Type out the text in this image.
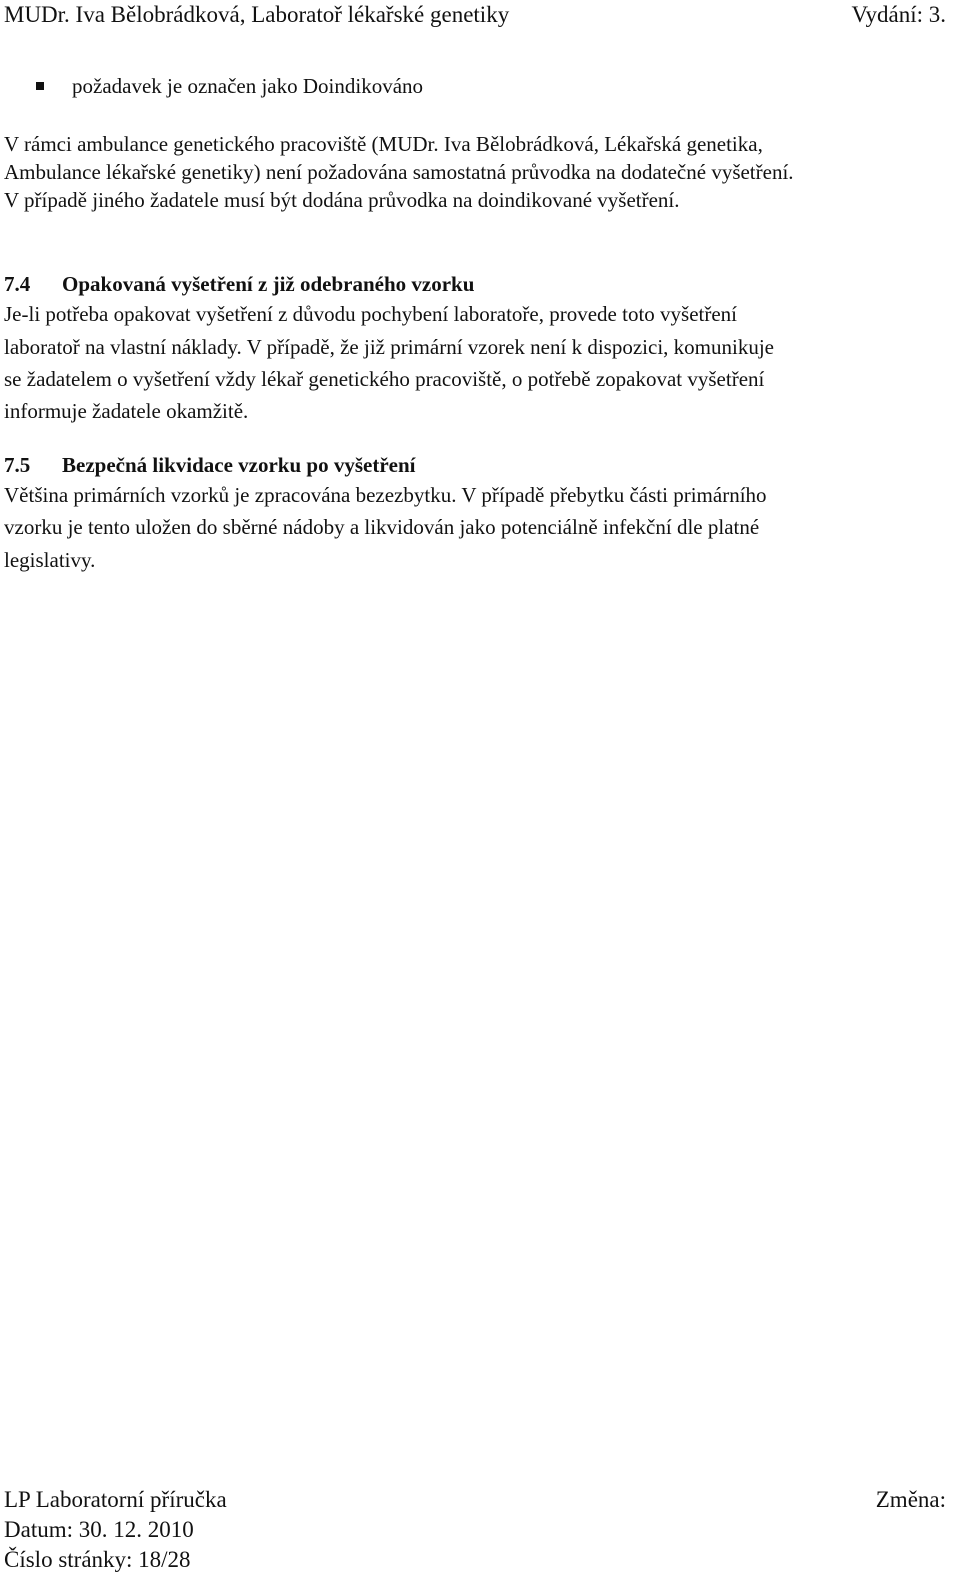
MUDr. Iva Bělobrádková, Laboratoř lékařské genetiky	Vydání: 3.
požadavek je označen jako Doindikováno
V rámci ambulance genetického pracoviště (MUDr. Iva Bělobrádková, Lékařská genetika,
Ambulance lékařské genetiky) není požadována samostatná průvodka na dodatečné vyšetření.
V případě jiného žadatele musí být dodána průvodka na doindikované vyšetření.
7.4 Opakovaná vyšetření z již odebraného vzorku
Je-li potřeba opakovat vyšetření z důvodu pochybení laboratoře, provede toto vyšetření
laboratoř na vlastní náklady. V případě, že již primární vzorek není k dispozici, komunikuje
se žadatelem o vyšetření vždy lékař genetického pracoviště, o potřebě zopakovat vyšetření
informuje žadatele okamžitě.
7.5 Bezpečná likvidace vzorku po vyšetření
Většina primárních vzorků je zpracována bezezbytku. V případě přebytku části primárního
vzorku je tento uložen do sběrné nádoby a likvidován jako potenciálně infekční dle platné
legislativy.
LP Laboratorní příručka	Změna:
Datum: 30. 12. 2010
Číslo stránky: 18/28
